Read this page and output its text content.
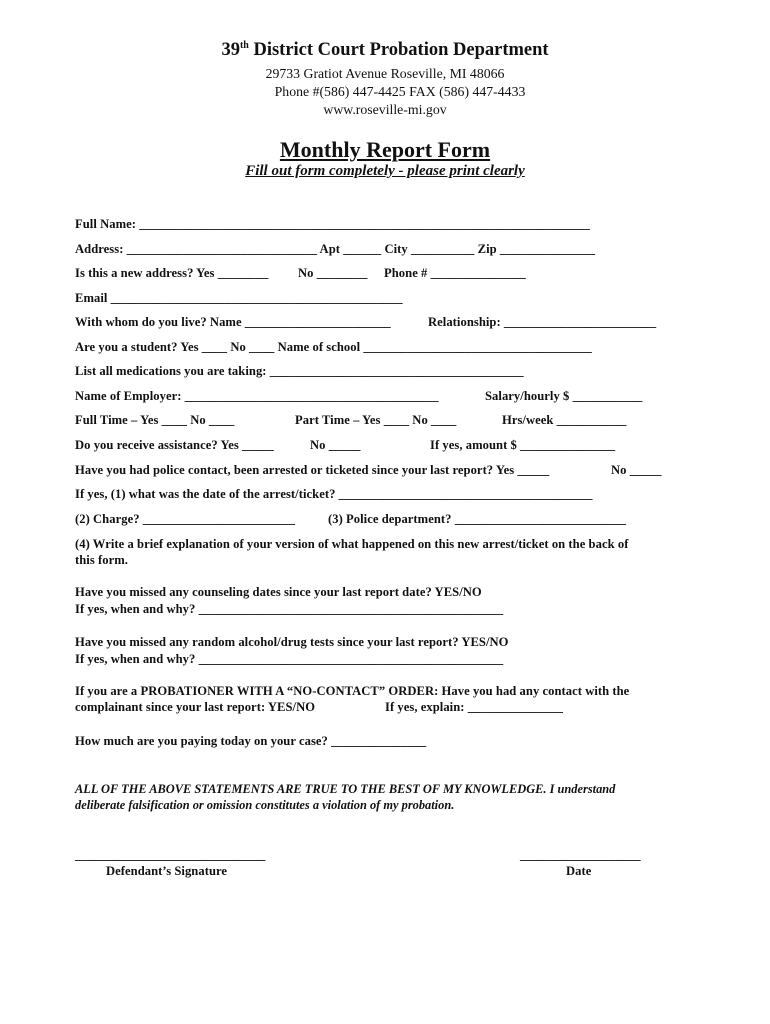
39th District Court Probation Department
29733 Gratiot Avenue Roseville, MI 48066
Phone #(586) 447-4425 FAX (586) 447-4433
www.roseville-mi.gov
Monthly Report Form
Fill out form completely - please print clearly
Full Name: _______________________________________________________________________
Address: ______________________________ Apt ______ City __________ Zip _______________
Is this a new address? Yes ________ No ________ Phone # _______________
Email ______________________________________________
With whom do you live? Name _______________________	Relationship: ________________________
Are you a student? Yes ____ No ____ Name of school ____________________________________
List all medications you are taking: ________________________________________
Name of Employer: ________________________________________	Salary/hourly $ ___________
Full Time – Yes ____ No ____	Part Time – Yes ____ No ____	Hrs/week ___________
Do you receive assistance? Yes _____	No _____	If yes, amount $ _______________
Have you had police contact, been arrested or ticketed since your last report? Yes _____	No _____
If yes, (1) what was the date of the arrest/ticket? ________________________________________
(2) Charge? ________________________	(3) Police department? ___________________________
(4) Write a brief explanation of your version of what happened on this new arrest/ticket on the back of
this form.
Have you missed any counseling dates since your last report date? YES/NO
If yes, when and why? ________________________________________________
Have you missed any random alcohol/drug tests since your last report? YES/NO
If yes, when and why? ________________________________________________
If you are a PROBATIONER WITH A “NO-CONTACT” ORDER: Have you had any contact with the
complainant since your last report: YES/NO	If yes, explain: _______________
How much are you paying today on your case? _______________
ALL OF THE ABOVE STATEMENTS ARE TRUE TO THE BEST OF MY KNOWLEDGE. I understand
deliberate falsification or omission constitutes a violation of my probation.
______________________________	___________________
Defendant’s Signature	Date
